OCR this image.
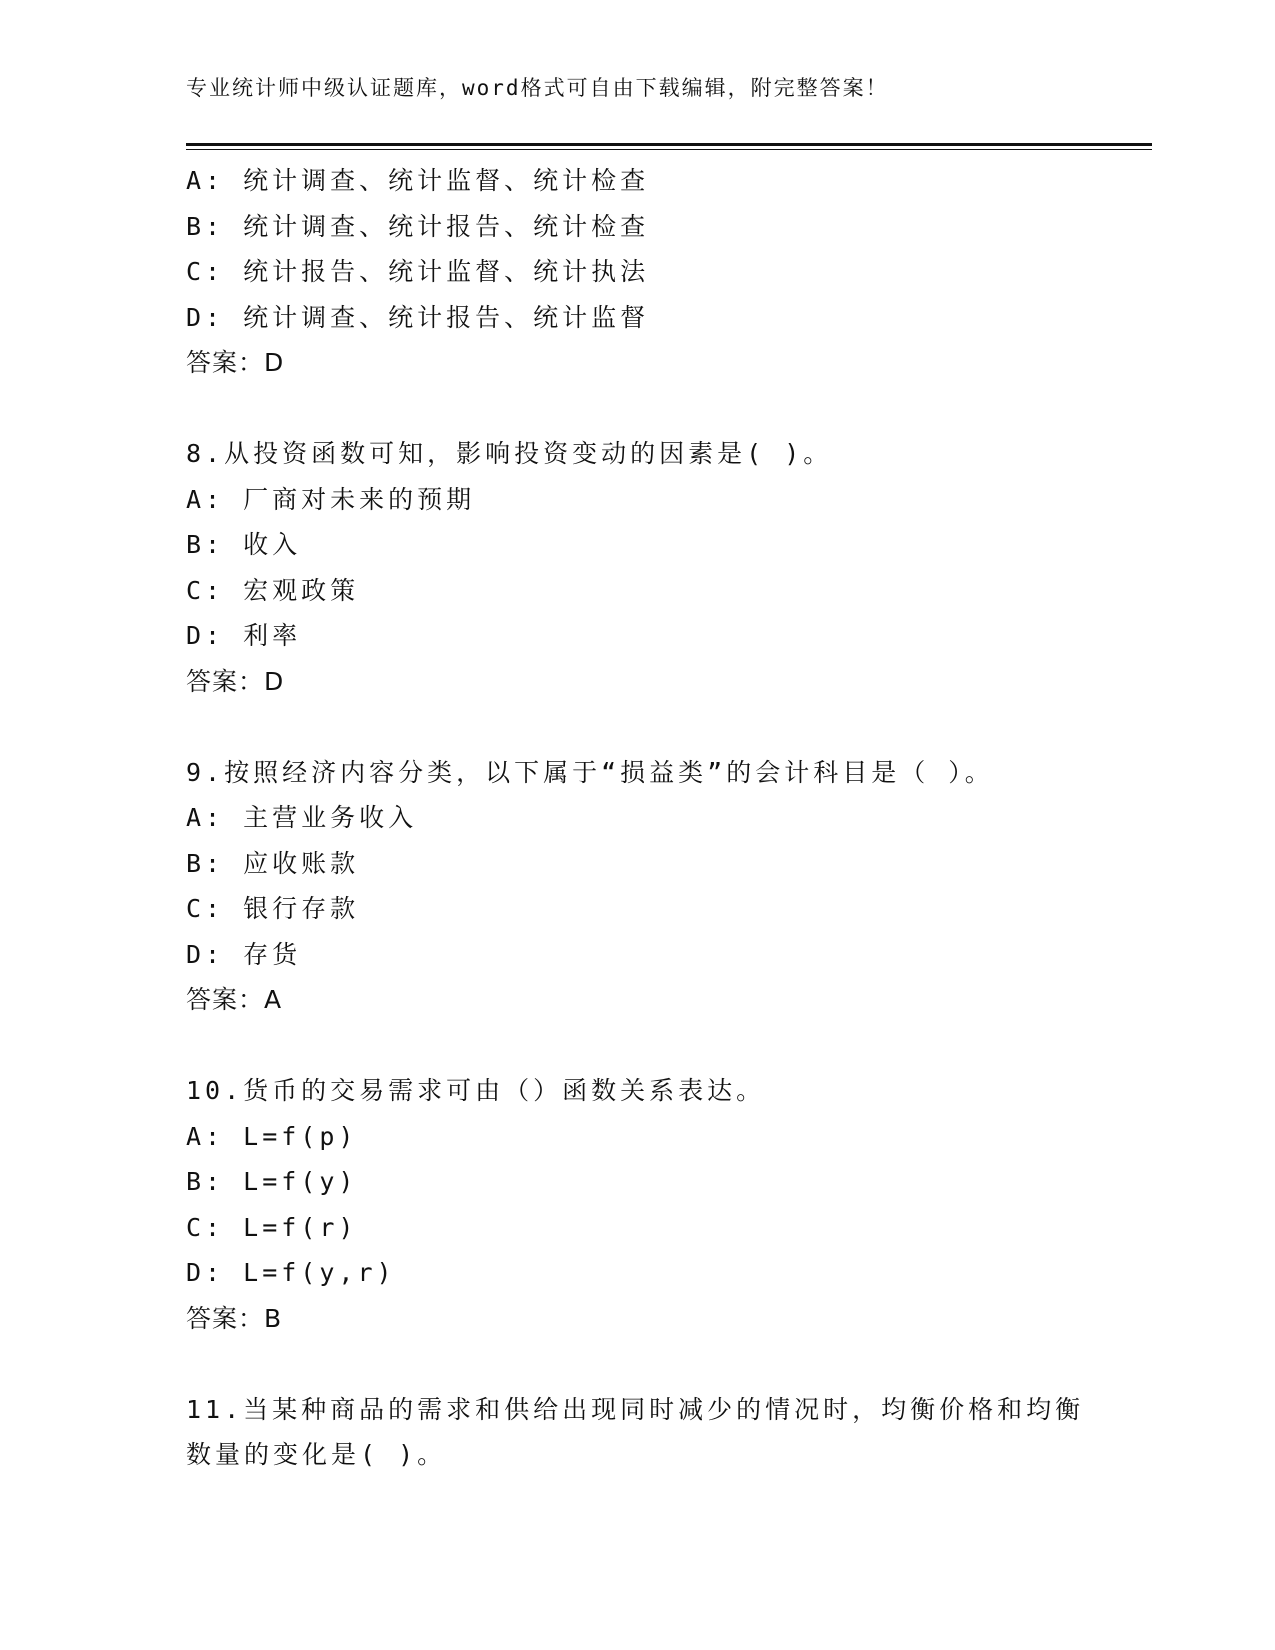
专业统计师中级认证题库，word格式可自由下载编辑，附完整答案！
A: 统计调查、统计监督、统计检查
B: 统计调查、统计报告、统计检查
C: 统计报告、统计监督、统计执法
D: 统计调查、统计报告、统计监督
答案：D
8.从投资函数可知，影响投资变动的因素是( )。
A: 厂商对未来的预期
B: 收入
C: 宏观政策
D: 利率
答案：D
9.按照经济内容分类，以下属于“损益类”的会计科目是（ ）。
A: 主营业务收入
B: 应收账款
C: 银行存款
D: 存货
答案：A
10.货币的交易需求可由（）函数关系表达。
A: L=f(p)
B: L=f(y)
C: L=f(r)
D: L=f(y,r)
答案：B
11.当某种商品的需求和供给出现同时减少的情况时，均衡价格和均衡
数量的变化是( )。
